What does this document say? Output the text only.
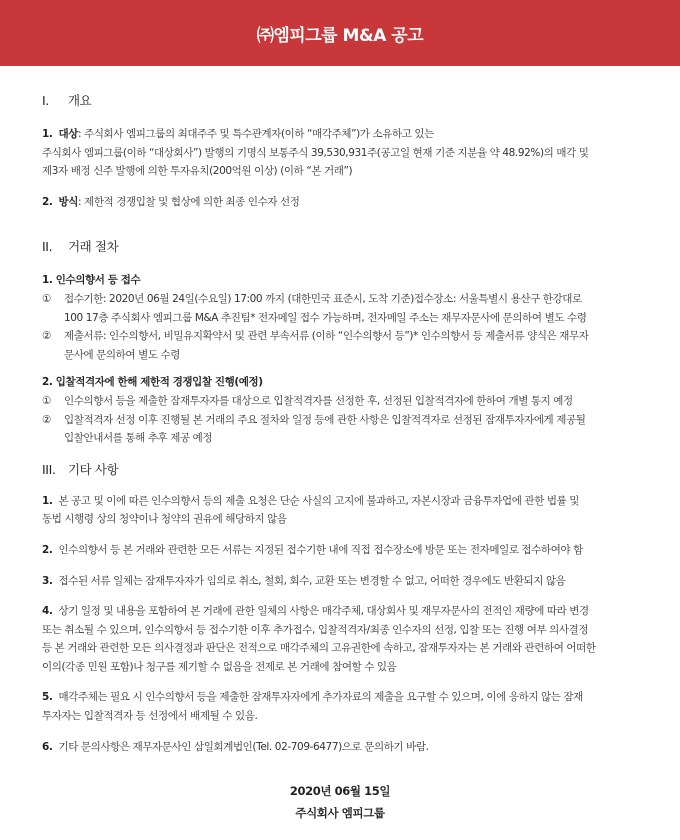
㈜엠피그룹 M&A 공고
I. 개요
1. 대상: 주식회사 엠피그룹의 최대주주 및 특수관계자(이하 “매각주체”)가 소유하고 있는
주식회사 엠피그룹(이하 “대상회사”) 발행의 기명식 보통주식 39,530,931주(공고일 현재 기준 지분율 약 48.92%)의 매각 및
제3자 배정 신주 발행에 의한 투자유치(200억원 이상) (이하 “본 거래”)
2. 방식: 제한적 경쟁입찰 및 협상에 의한 최종 인수자 선정
II. 거래 절차
1. 인수의향서 등 접수
① 접수기한: 2020년 06월 24일(수요일) 17:00 까지 (대한민국 표준시, 도착 기준)접수장소: 서울특별시 용산구 한강대로
100 17층 주식회사 엠피그룹 M&A 추진팀* 전자메일 접수 가능하며, 전자메일 주소는 재무자문사에 문의하여 별도 수령
② 제출서류: 인수의향서, 비밀유지확약서 및 관련 부속서류 (이하 “인수의향서 등”)* 인수의향서 등 제출서류 양식은 재무자
문사에 문의하여 별도 수령
2. 입찰적격자에 한해 제한적 경쟁입찰 진행(예정)
① 인수의향서 등을 제출한 잠재투자자를 대상으로 입찰적격자를 선정한 후, 선정된 입찰적격자에 한하여 개별 통지 예정
② 입찰적격자 선정 이후 진행될 본 거래의 주요 절차와 일정 등에 관한 사항은 입찰적격자로 선정된 잠재투자자에게 제공될
입찰안내서를 통해 추후 제공 예정
III. 기타 사항
1. 본 공고 및 이에 따른 인수의향서 등의 제출 요청은 단순 사실의 고지에 불과하고, 자본시장과 금융투자업에 관한 법률 및
동법 시행령 상의 청약이나 청약의 권유에 해당하지 않음
2. 인수의향서 등 본 거래와 관련한 모든 서류는 지정된 접수기한 내에 직접 접수장소에 방문 또는 전자메일로 접수하여야 함
3. 접수된 서류 일체는 잠재투자자가 임의로 취소, 철회, 회수, 교환 또는 변경할 수 없고, 어떠한 경우에도 반환되지 않음
4. 상기 일정 및 내용을 포함하여 본 거래에 관한 일체의 사항은 매각주체, 대상회사 및 재무자문사의 전적인 재량에 따라 변경
또는 취소될 수 있으며, 인수의향서 등 접수기한 이후 추가접수, 입찰적격자/최종 인수자의 선정, 입찰 또는 진행 여부 의사결정
등 본 거래와 관련한 모든 의사결정과 판단은 전적으로 매각주체의 고유권한에 속하고, 잠재투자자는 본 거래와 관련하여 어떠한
이의(각종 민원 포함)나 청구를 제기할 수 없음을 전제로 본 거래에 참여할 수 있음
5. 매각주체는 필요 시 인수의향서 등을 제출한 잠재투자자에게 추가자료의 제출을 요구할 수 있으며, 이에 응하지 않는 잠재
투자자는 입찰적격자 등 선정에서 배제될 수 있음.
6. 기타 문의사항은 재무자문사인 삼일회계법인(Tel. 02-709-6477)으로 문의하기 바람.
2020년 06월 15일
주식회사 엠피그룹
